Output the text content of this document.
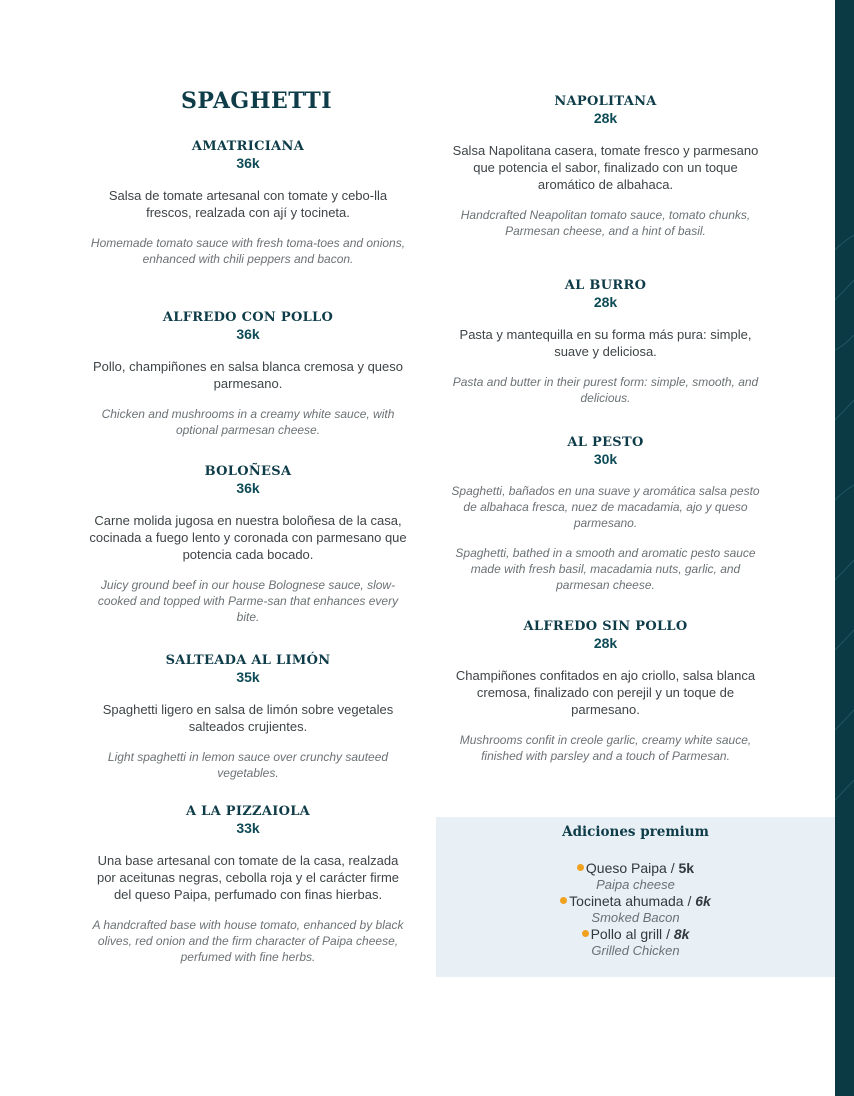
SPAGHETTI

AMATRICIANA

36k

Salsa de tomate artesanal con tomate y cebo-lla frescos, realzada con ají y tocineta.

Homemade tomato sauce with fresh toma-toes and onions, enhanced with chili peppers and bacon.

ALFREDO CON POLLO

36k

Pollo, champiñones en salsa blanca cremosa y queso parmesano.

Chicken and mushrooms in a creamy white sauce, with optional parmesan cheese.

BOLOÑESA

36k

Carne molida jugosa en nuestra boloñesa de la casa, cocinada a fuego lento y coronada con parmesano que potencia cada bocado.

Juicy ground beef in our house Bolognese sauce, slow-cooked and topped with Parme-san that enhances every bite.

SALTEADA AL LIMÓN

35k

Spaghetti ligero en salsa de limón sobre vegetales salteados crujientes.

Light spaghetti in lemon sauce over crunchy sauteed vegetables.

A LA PIZZAIOLA

33k

Una base artesanal con tomate de la casa, realzada por aceitunas negras, cebolla roja y el carácter firme del queso Paipa, perfumado con finas hierbas.

A handcrafted base with house tomato, enhanced by black olives, red onion and the firm character of Paipa cheese, perfumed with fine herbs.

NAPOLITANA

28k

Salsa Napolitana casera, tomate fresco y parmesano que potencia el sabor, finalizado con un toque aromático de albahaca.

Handcrafted Neapolitan tomato sauce, tomato chunks, Parmesan cheese, and a hint of basil.

AL BURRO

28k

Pasta y mantequilla en su forma más pura: simple, suave y deliciosa.

Pasta and butter in their purest form: simple, smooth, and delicious.

AL PESTO

30k

Spaghetti, bañados en una suave y aromática salsa pesto de albahaca fresca, nuez de macadamia, ajo y queso parmesano.

Spaghetti, bathed in a smooth and aromatic pesto sauce made with fresh basil, macadamia nuts, garlic, and parmesan cheese.

ALFREDO SIN POLLO

28k

Champiñones confitados en ajo criollo, salsa blanca cremosa, finalizado con perejil y un toque de parmesano.

Mushrooms confit in creole garlic, creamy white sauce, finished with parsley and a touch of Parmesan.

Adiciones premium

Queso Paipa / 5k
Paipa cheese
Tocineta ahumada / 6k
Smoked Bacon
Pollo al grill / 8k
Grilled Chicken
